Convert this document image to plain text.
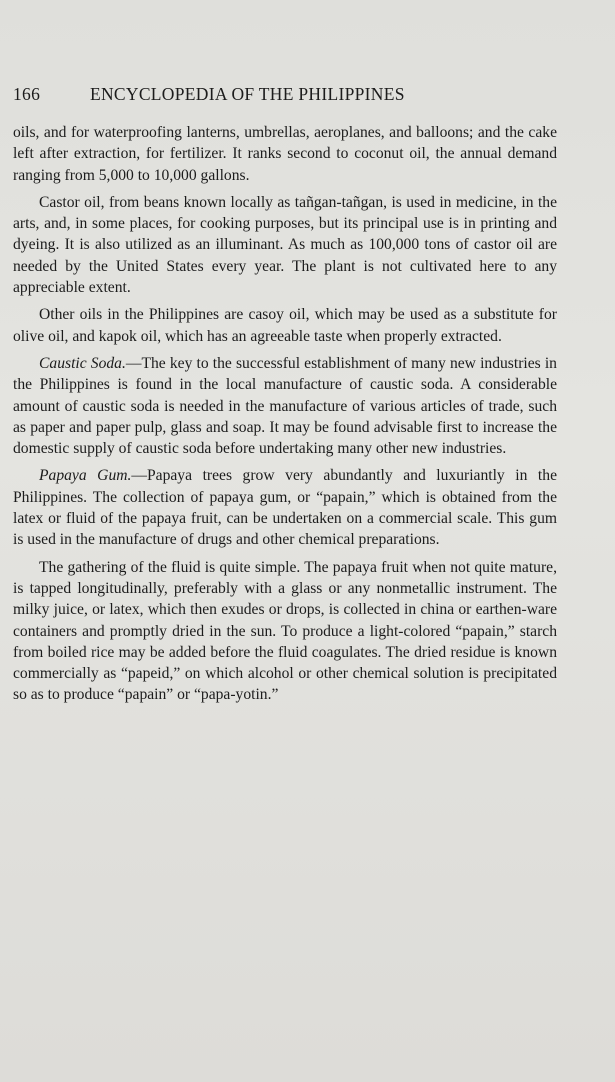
166	ENCYCLOPEDIA OF THE PHILIPPINES

oils, and for waterproofing lanterns, umbrellas, aeroplanes, and balloons; and the cake left after extraction, for fertilizer. It ranks second to coconut oil, the annual demand ranging from 5,000 to 10,000 gallons.

Castor oil, from beans known locally as tañgan-tañgan, is used in medicine, in the arts, and, in some places, for cooking purposes, but its principal use is in printing and dyeing. It is also utilized as an illuminant. As much as 100,000 tons of castor oil are needed by the United States every year. The plant is not cultivated here to any appreciable extent.

Other oils in the Philippines are casoy oil, which may be used as a substitute for olive oil, and kapok oil, which has an agreeable taste when properly extracted.

Caustic Soda.—The key to the successful establishment of many new industries in the Philippines is found in the local manufacture of caustic soda. A considerable amount of caustic soda is needed in the manufacture of various articles of trade, such as paper and paper pulp, glass and soap. It may be found advisable first to increase the domestic supply of caustic soda before undertaking many other new industries.

Papaya Gum.—Papaya trees grow very abundantly and luxuriantly in the Philippines. The collection of papaya gum, or “papain,” which is obtained from the latex or fluid of the papaya fruit, can be undertaken on a commercial scale. This gum is used in the manufacture of drugs and other chemical preparations.

The gathering of the fluid is quite simple. The papaya fruit when not quite mature, is tapped longitudinally, preferably with a glass or any nonmetallic instrument. The milky juice, or latex, which then exudes or drops, is collected in china or earthen-ware containers and promptly dried in the sun. To produce a light-colored “papain,” starch from boiled rice may be added before the fluid coagulates. The dried residue is known commercially as “papeid,” on which alcohol or other chemical solution is precipitated so as to produce “papain” or “papa-yotin.”
